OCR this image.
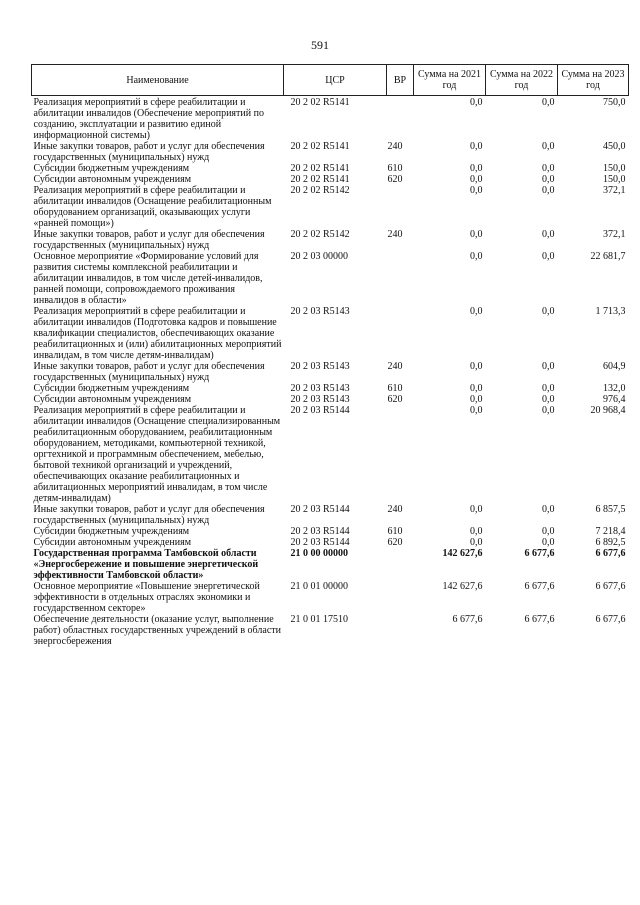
591
Наименование	ЦСР	ВР	Сумма на 2021 год	Сумма на 2022 год	Сумма на 2023 год
Реализация мероприятий в сфере реабилитации и абилитации инвалидов (Обеспечение мероприятий по созданию, эксплуатации и развитию единой информационной системы)	20 2 02 R5141		0,0	0,0	750,0
Иные закупки товаров, работ и услуг для обеспечения государственных (муниципальных) нужд	20 2 02 R5141	240	0,0	0,0	450,0
Субсидии бюджетным учреждениям	20 2 02 R5141	610	0,0	0,0	150,0
Субсидии автономным учреждениям	20 2 02 R5141	620	0,0	0,0	150,0
Реализация мероприятий в сфере реабилитации и абилитации инвалидов (Оснащение реабилитационным оборудованием организаций, оказывающих услуги «ранней помощи»)	20 2 02 R5142		0,0	0,0	372,1
Иные закупки товаров, работ и услуг для обеспечения государственных (муниципальных) нужд	20 2 02 R5142	240	0,0	0,0	372,1
Основное мероприятие «Формирование условий для развития системы комплексной реабилитации и абилитации инвалидов, в том числе детей-инвалидов, ранней помощи, сопровождаемого проживания инвалидов в области»	20 2 03 00000		0,0	0,0	22 681,7
Реализация мероприятий в сфере реабилитации и абилитации инвалидов (Подготовка кадров и повышение квалификации специалистов, обеспечивающих оказание реабилитационных и (или) абилитационных мероприятий инвалидам, в том числе детям-инвалидам)	20 2 03 R5143		0,0	0,0	1 713,3
Иные закупки товаров, работ и услуг для обеспечения государственных (муниципальных) нужд	20 2 03 R5143	240	0,0	0,0	604,9
Субсидии бюджетным учреждениям	20 2 03 R5143	610	0,0	0,0	132,0
Субсидии автономным учреждениям	20 2 03 R5143	620	0,0	0,0	976,4
Реализация мероприятий в сфере реабилитации и абилитации инвалидов (Оснащение специализированным реабилитационным оборудованием, реабилитационным оборудованием, методиками, компьютерной техникой, оргтехникой и программным обеспечением, мебелью, бытовой техникой организаций и учреждений, обеспечивающих оказание реабилитационных и абилитационных мероприятий инвалидам, в том числе детям-инвалидам)	20 2 03 R5144		0,0	0,0	20 968,4
Иные закупки товаров, работ и услуг для обеспечения государственных (муниципальных) нужд	20 2 03 R5144	240	0,0	0,0	6 857,5
Субсидии бюджетным учреждениям	20 2 03 R5144	610	0,0	0,0	7 218,4
Субсидии автономным учреждениям	20 2 03 R5144	620	0,0	0,0	6 892,5
Государственная программа Тамбовской области «Энергосбережение и повышение энергетической эффективности Тамбовской области»	21 0 00 00000		142 627,6	6 677,6	6 677,6
Основное мероприятие «Повышение энергетической эффективности в отдельных отраслях экономики и государственном секторе»	21 0 01 00000		142 627,6	6 677,6	6 677,6
Обеспечение деятельности (оказание услуг, выполнение работ) областных государственных учреждений в области энергосбережения	21 0 01 17510		6 677,6	6 677,6	6 677,6
